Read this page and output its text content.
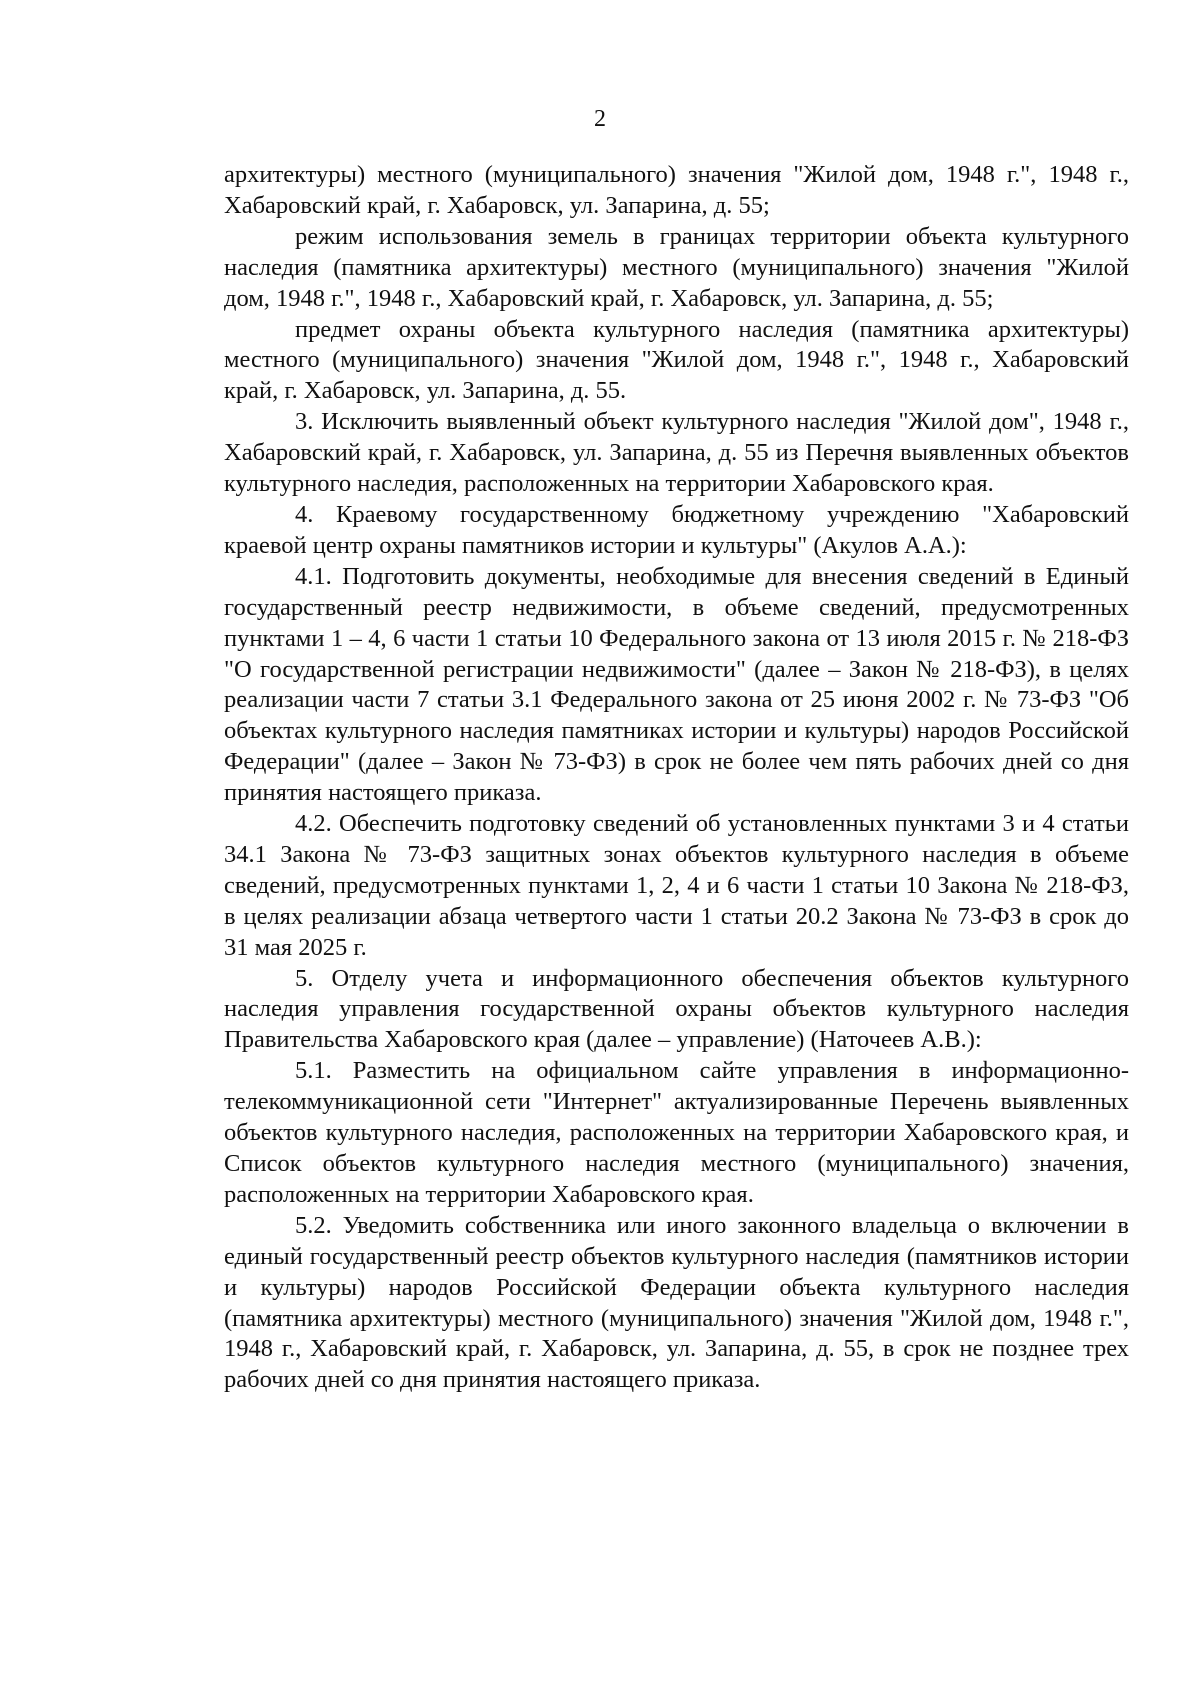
2

архитектуры) местного (муниципального) значения "Жилой дом, 1948 г.", 1948 г., Хабаровский край, г. Хабаровск, ул. Запарина, д. 55;

режим использования земель в границах территории объекта культурного наследия (памятника архитектуры) местного (муниципального) значения "Жилой дом, 1948 г.", 1948 г., Хабаровский край, г. Хабаровск, ул. Запарина, д. 55;

предмет охраны объекта культурного наследия (памятника архитектуры) местного (муниципального) значения "Жилой дом, 1948 г.", 1948 г., Хабаровский край, г. Хабаровск, ул. Запарина, д. 55.

3. Исключить выявленный объект культурного наследия "Жилой дом", 1948 г., Хабаровский край, г. Хабаровск, ул. Запарина, д. 55 из Перечня выявленных объектов культурного наследия, расположенных на территории Хабаровского края.

4. Краевому государственному бюджетному учреждению "Хабаровский краевой центр охраны памятников истории и культуры" (Акулов А.А.):

4.1. Подготовить документы, необходимые для внесения сведений в Единый государственный реестр недвижимости, в объеме сведений, предусмотренных пунктами 1 – 4, 6 части 1 статьи 10 Федерального закона от 13 июля 2015 г. № 218-ФЗ "О государственной регистрации недвижимости" (далее – Закон № 218-ФЗ), в целях реализации части 7 статьи 3.1 Федерального закона от 25 июня 2002 г. № 73-ФЗ "Об объектах культурного наследия памятниках истории и культуры) народов Российской Федерации" (далее – Закон № 73-ФЗ) в срок не более чем пять рабочих дней со дня принятия настоящего приказа.

4.2. Обеспечить подготовку сведений об установленных пунктами 3 и 4 статьи 34.1 Закона № 73-ФЗ защитных зонах объектов культурного наследия в объеме сведений, предусмотренных пунктами 1, 2, 4 и 6 части 1 статьи 10 Закона № 218-ФЗ, в целях реализации абзаца четвертого части 1 статьи 20.2 Закона № 73-ФЗ в срок до 31 мая 2025 г.

5. Отделу учета и информационного обеспечения объектов культурного наследия управления государственной охраны объектов культурного наследия Правительства Хабаровского края (далее – управление) (Наточеев А.В.):

5.1. Разместить на официальном сайте управления в информационно-телекоммуникационной сети "Интернет" актуализированные Перечень выявленных объектов культурного наследия, расположенных на территории Хабаровского края, и Список объектов культурного наследия местного (муниципального) значения, расположенных на территории Хабаровского края.

5.2. Уведомить собственника или иного законного владельца о включении в единый государственный реестр объектов культурного наследия (памятников истории и культуры) народов Российской Федерации объекта культурного наследия (памятника архитектуры) местного (муниципального) значения "Жилой дом, 1948 г.", 1948 г., Хабаровский край, г. Хабаровск, ул. Запарина, д. 55, в срок не позднее трех рабочих дней со дня принятия настоящего приказа.
